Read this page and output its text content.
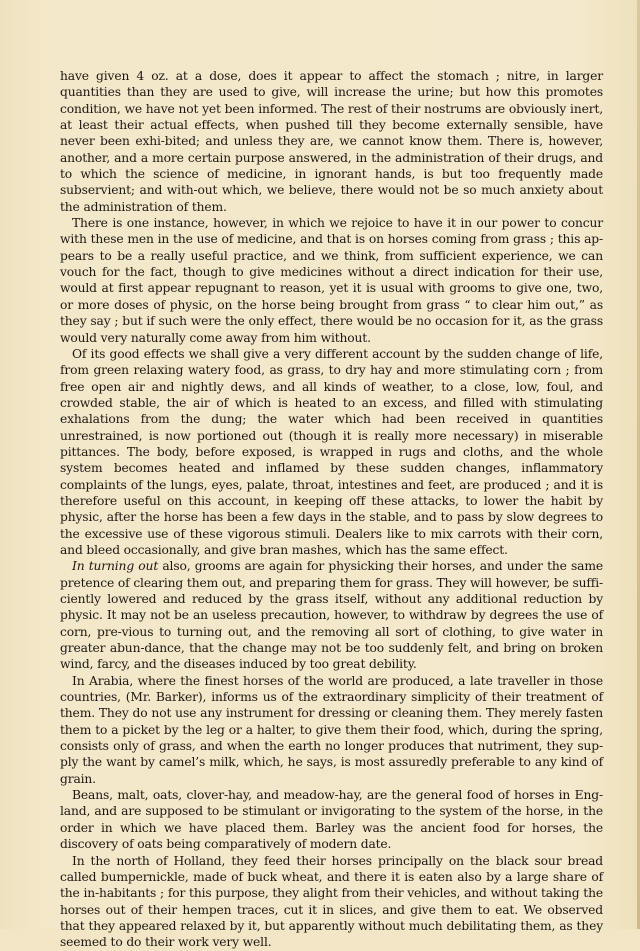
have given 4 oz. at a dose, does it appear to affect the stomach ; nitre, in larger quantities than they are used to give, will increase the urine; but how this promotes condition, we have not yet been informed. The rest of their nostrums are obviously inert, at least their actual effects, when pushed till they become externally sensible, have never been exhi-bited; and unless they are, we cannot know them. There is, however, another, and a more certain purpose answered, in the administration of their drugs, and to which the science of medicine, in ignorant hands, is but too frequently made subservient; and with-out which, we believe, there would not be so much anxiety about the administration of them.

There is one instance, however, in which we rejoice to have it in our power to concur with these men in the use of medicine, and that is on horses coming from grass ; this ap-pears to be a really useful practice, and we think, from sufficient experience, we can vouch for the fact, though to give medicines without a direct indication for their use, would at first appear repugnant to reason, yet it is usual with grooms to give one, two, or more doses of physic, on the horse being brought from grass “ to clear him out,” as they say ; but if such were the only effect, there would be no occasion for it, as the grass would very naturally come away from him without.

Of its good effects we shall give a very different account by the sudden change of life, from green relaxing watery food, as grass, to dry hay and more stimulating corn ; from free open air and nightly dews, and all kinds of weather, to a close, low, foul, and crowded stable, the air of which is heated to an excess, and filled with stimulating exhalations from the dung; the water which had been received in quantities unrestrained, is now portioned out (though it is really more necessary) in miserable pittances. The body, before exposed, is wrapped in rugs and cloths, and the whole system becomes heated and inflamed by these sudden changes, inflammatory complaints of the lungs, eyes, palate, throat, intestines and feet, are produced ; and it is therefore useful on this account, in keeping off these attacks, to lower the habit by physic, after the horse has been a few days in the stable, and to pass by slow degrees to the excessive use of these vigorous stimuli. Dealers like to mix carrots with their corn, and bleed occasionally, and give bran mashes, which has the same effect.

In turning out also, grooms are again for physicking their horses, and under the same pretence of clearing them out, and preparing them for grass. They will however, be suffi-ciently lowered and reduced by the grass itself, without any additional reduction by physic. It may not be an useless precaution, however, to withdraw by degrees the use of corn, pre-vious to turning out, and the removing all sort of clothing, to give water in greater abun-dance, that the change may not be too suddenly felt, and bring on broken wind, farcy, and the diseases induced by too great debility.

In Arabia, where the finest horses of the world are produced, a late traveller in those countries, (Mr. Barker), informs us of the extraordinary simplicity of their treatment of them. They do not use any instrument for dressing or cleaning them. They merely fasten them to a picket by the leg or a halter, to give them their food, which, during the spring, consists only of grass, and when the earth no longer produces that nutriment, they sup-ply the want by camel’s milk, which, he says, is most assuredly preferable to any kind of grain.

Beans, malt, oats, clover-hay, and meadow-hay, are the general food of horses in Eng-land, and are supposed to be stimulant or invigorating to the system of the horse, in the order in which we have placed them. Barley was the ancient food for horses, the discovery of oats being comparatively of modern date.

In the north of Holland, they feed their horses principally on the black sour bread called bumpernickle, made of buck wheat, and there it is eaten also by a large share of the in-habitants ; for this purpose, they alight from their vehicles, and without taking the horses out of their hempen traces, cut it in slices, and give them to eat. We observed that they appeared relaxed by it, but apparently without much debilitating them, as they seemed to do their work very well.
